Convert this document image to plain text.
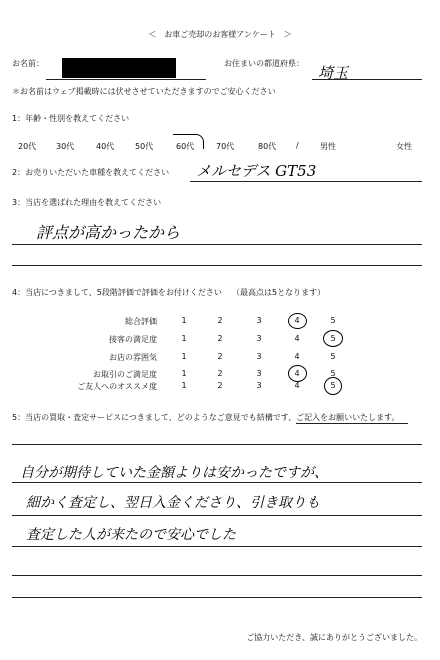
＜　お車ご売却のお客様アンケート　＞
お名前：	お住まいの都道府県：
埼玉
＊お名前はウェブ掲載時には伏せさせていただきますのでご安心ください
1：年齢・性別を教えてください
20代 30代	40代	50代	60代	70代	80代 /	男性	女性
2：お売りいただいた車種を教えてください メルセデス GT53
3：当店を選ばれた理由を教えてください
評点が高かったから
4：当店につきまして、5段階評価で評価をお付けください （最高点は5となります）
総合評価	1	2	3	4	5
接客の満足度	1	2	3	4	5
お店の雰囲気	1	2	3	4	5
お取引のご満足度	1	2	3	4	5
ご友人へのオススメ度	1	2	3	4	5
5：当店の買取・査定サービスにつきまして、どのようなご意見でも結構です、ご記入をお願いいたします。
自分が期待していた金額よりは安かったですが、
細かく査定し、翌日入金くださり、引き取りも
査定した人が来たので安心でした
ご協力いただき、誠にありがとうございました。
